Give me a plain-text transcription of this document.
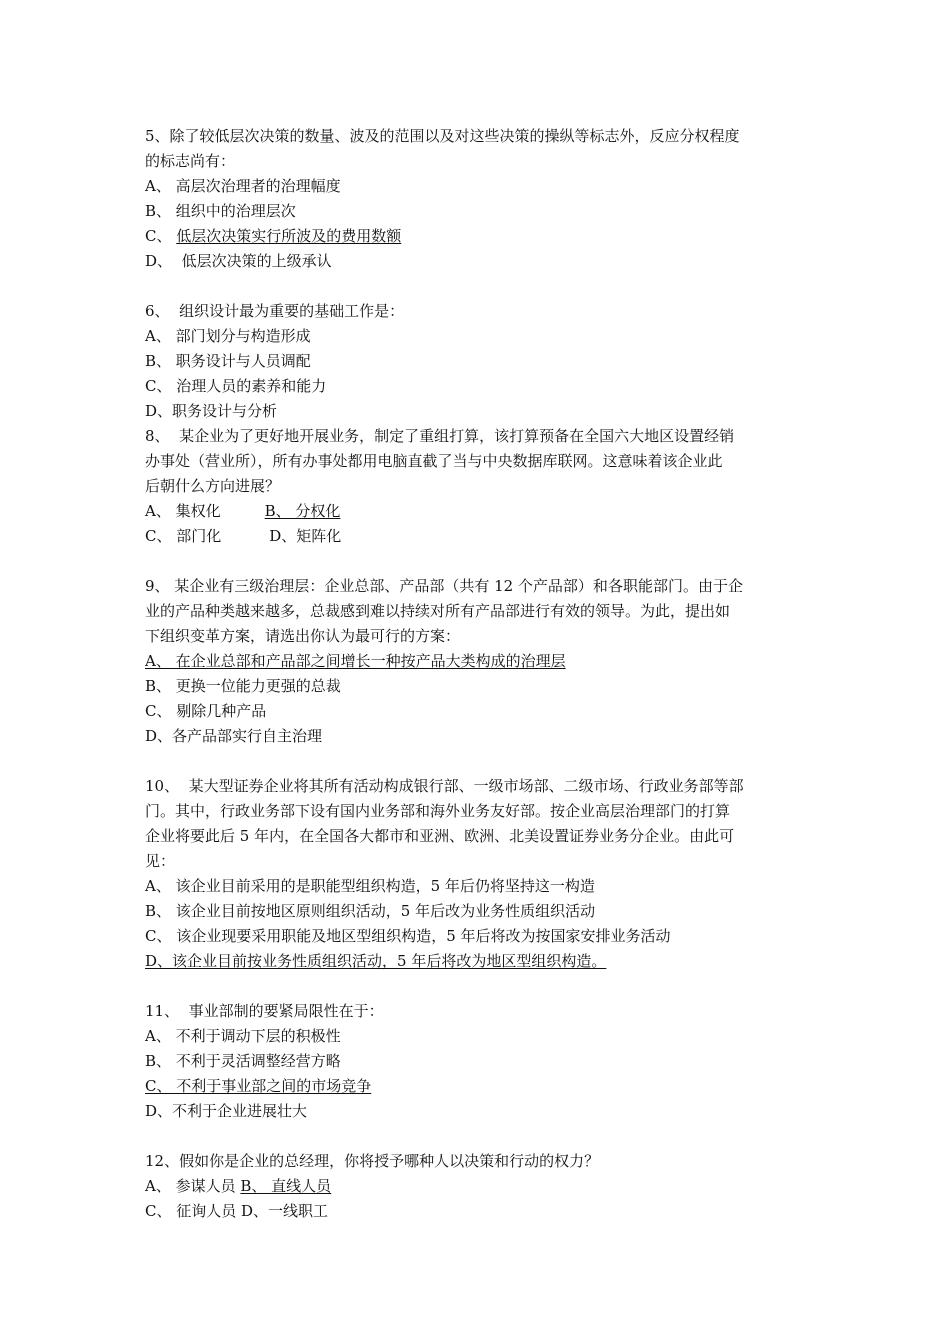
5、除了较低层次决策的数量、波及的范围以及对这些决策的操纵等标志外，反应分权程度
的标志尚有：
A、 高层次治理者的治理幅度
B、 组织中的治理层次
C、 低层次决策实行所波及的费用数额
D、  低层次决策的上级承认
6、  组织设计最为重要的基础工作是：
A、 部门划分与构造形成
B、 职务设计与人员调配
C、 治理人员的素养和能力
D、职务设计与分析
8、  某企业为了更好地开展业务，制定了重组打算，该打算预备在全国六大地区设置经销
办事处（营业所），所有办事处都用电脑直截了当与中央数据库联网。这意味着该企业此
后朝什么方向进展？
A、 集权化	B、 分权化
C、 部门化	D、矩阵化
9、 某企业有三级治理层：企业总部、产品部（共有 12 个产品部）和各职能部门。由于企
业的产品种类越来越多，总裁感到难以持续对所有产品部进行有效的领导。为此，提出如
下组织变革方案，请选出你认为最可行的方案：
A、 在企业总部和产品部之间增长一种按产品大类构成的治理层
B、 更换一位能力更强的总裁
C、 剔除几种产品
D、各产品部实行自主治理
10、  某大型证券企业将其所有活动构成银行部、一级市场部、二级市场、行政业务部等部
门。其中，行政业务部下设有国内业务部和海外业务友好部。按企业高层治理部门的打算
企业将要此后 5 年内，在全国各大都市和亚洲、欧洲、北美设置证券业务分企业。由此可
见：
A、 该企业目前采用的是职能型组织构造，5 年后仍将坚持这一构造
B、 该企业目前按地区原则组织活动，5 年后改为业务性质组织活动
C、 该企业现要采用职能及地区型组织构造，5 年后将改为按国家安排业务活动
D、该企业目前按业务性质组织活动，5 年后将改为地区型组织构造。
11、  事业部制的要紧局限性在于：
A、 不利于调动下层的积极性
B、 不利于灵活调整经营方略
C、 不利于事业部之间的市场竞争
D、不利于企业进展壮大
12、假如你是企业的总经理，你将授予哪种人以决策和行动的权力？
A、 参谋人员 B、 直线人员
C、 征询人员 D、一线职工
